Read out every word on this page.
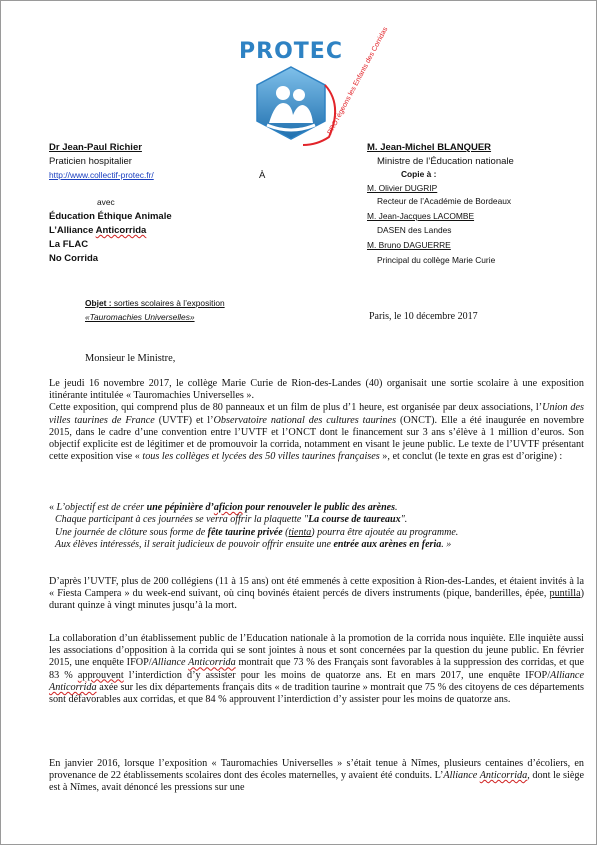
PROTEC
PROTégeons les Enfants des Corridas
Dr Jean-Paul Richier
Praticien hospitalier
http://www.collectif-protec.fr/
avec
Éducation Éthique Animale
L’Alliance Anticorrida
La FLAC
No Corrida
À
M. Jean-Michel BLANQUER
Ministre de l’Éducation nationale
Copie à :
M. Olivier DUGRIP
Recteur de l’Académie de Bordeaux
M. Jean-Jacques LACOMBE
DASEN des Landes
M. Bruno DAGUERRE
Principal du collège Marie Curie
Objet : sorties scolaires à l’exposition
«Tauromachies Universelles»	Paris, le 10 décembre 2017
Monsieur le Ministre,

Le jeudi 16 novembre 2017, le collège Marie Curie de Rion-des-Landes (40) organisait une sortie scolaire à une exposition itinérante intitulée « Tauromachies Universelles ».

Cette exposition, qui comprend plus de 80 panneaux et un film de plus d’1 heure, est organisée par deux associations, l’Union des villes taurines de France (UVTF) et l’Observatoire national des cultures taurines (ONCT). Elle a été inaugurée en novembre 2015, dans le cadre d’une convention entre l’UVTF et l’ONCT dont le financement sur 3 ans s’élève à 1 million d’euros. Son objectif explicite est de légitimer et de promouvoir la corrida, notamment en visant le jeune public. Le texte de l’UVTF présentant cette exposition vise « tous les collèges et lycées des 50 villes taurines françaises », et conclut (le texte en gras est d’origine) :

« L’objectif est de créer une pépinière d’aficion pour renouveler le public des arènes.
Chaque participant à ces journées se verra offrir la plaquette "La course de taureaux".
Une journée de clôture sous forme de fête taurine privée (tienta) pourra être ajoutée au programme.
Aux élèves intéressés, il serait judicieux de pouvoir offrir ensuite une entrée aux arènes en feria. »

D’après l’UVTF, plus de 200 collégiens (11 à 15 ans) ont été emmenés à cette exposition à Rion-des-Landes, et étaient invités à la « Fiesta Campera » du week-end suivant, où cinq bovinés étaient percés de divers instruments (pique, banderilles, épée, puntilla) durant quinze à vingt minutes jusqu’à la mort.

La collaboration d’un établissement public de l’Education nationale à la promotion de la corrida nous inquiète. Elle inquiète aussi les associations d’opposition à la corrida qui se sont jointes à nous et sont concernées par la question du jeune public. En février 2015, une enquête IFOP/Alliance Anticorrida montrait que 73 % des Français sont favorables à la suppression des corridas, et que 83 % approuvent l’interdiction d’y assister pour les moins de quatorze ans. Et en mars 2017, une enquête IFOP/Alliance Anticorrida axée sur les dix départements français dits « de tradition taurine » montrait que 75 % des citoyens de ces départements sont défavorables aux corridas, et que 84 % approuvent l’interdiction d’y assister pour les moins de quatorze ans.

En janvier 2016, lorsque l’exposition « Tauromachies Universelles » s’était tenue à Nîmes, plusieurs centaines d’écoliers, en provenance de 22 établissements scolaires dont des écoles maternelles, y avaient été conduits. L’Alliance Anticorrida, dont le siège est à Nîmes, avait dénoncé les pressions sur une
